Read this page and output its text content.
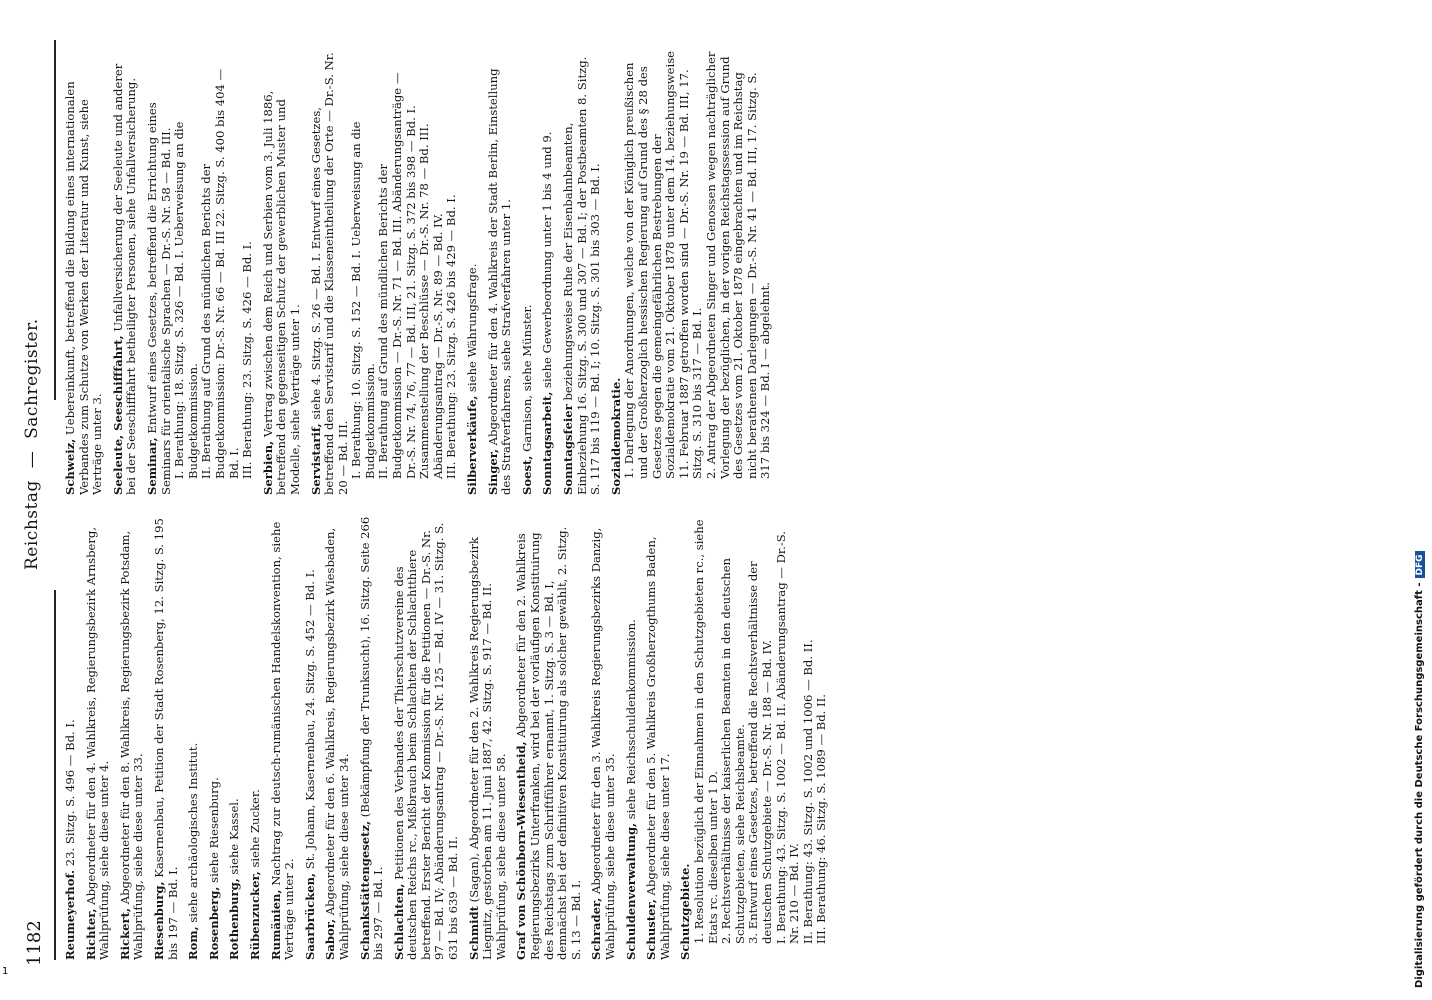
1182
Reichstag — Sachregister.
Reumeyerhof. 23. Sitzg. S. 496 — Bd. I.
Richter, Abgeordneter für den 4. Wahlkreis, Regierungsbezirk Arnsberg, Wahlprüfung, siehe diese unter 4. Rickert, Abgeordneter für den 8. Wahlkreis, Regierungsbezirk Potsdam, Wahlprüfung, siehe diese unter 33. Riesenburg, Kasernenbau, Petition der Stadt Rosenberg, 12. Sitzg. S. 195 bis 197 — Bd. I. Rom, siehe archäologisches Institut.
Rosenberg, siehe Riesenburg.
Rothenburg, siehe Kassel.
Rübenzucker, siehe Zucker.
Rumänien, Nachtrag zur deutsch-rumänischen Handelskonvention, siehe Verträge unter 2. Saarbrücken, St. Johann, Kasernenbau, 24. Sitzg. S. 452 — Bd. I.
Sabor, Abgeordneter für den 6. Wahlkreis, Regierungsbezirk Wiesbaden, Wahlprüfung, siehe diese unter 34. Schankstättengesetz, (Bekämpfung der Trunksucht), 16. Sitzg. Seite 266 bis 297 — Bd. I. Schlachten, Petitionen des Verbandes der Thierschutzvereine des deutschen Reichs rc., Mißbrauch beim Schlachten der Schlachtthiere betreffend. Erster Bericht der Kommission für die Petitionen — Dr.-S. Nr. 97 — Bd. IV; Abänderungsantrag — Dr.-S. Nr. 125 — Bd. IV — 31. Sitzg. S. 631 bis 639 — Bd. II. Schmidt (Sagan), Abgeordneter für den 2. Wahlkreis Regierungsbezirk Liegnitz, gestorben am 11. Juni 1887, 42. Sitzg. S. 917 — Bd. II. Wahlprüfung, siehe diese unter 58. Graf von Schönborn-Wiesentheid, Abgeordneter für den 2. Wahlkreis Regierungsbezirks Unterfranken, wird bei der vorläufigen Konstituirung des Reichstags zum Schriftführer ernannt, 1. Sitzg. S. 3 — Bd. I, demnächst bei der definitiven Konstituirung als solcher gewählt, 2. Sitzg. S. 13 — Bd. I. Schrader, Abgeordneter für den 3. Wahlkreis Regierungsbezirks Danzig, Wahlprüfung, siehe diese unter 35. Schuldenverwaltung, siehe Reichsschuldenkommission.
Schuster, Abgeordneter für den 5. Wahlkreis Großherzogthums Baden, Wahlprüfung, siehe diese unter 17. Schutzgebiete. 1. Resolution bezüglich der Einnahmen in den Schutzgebieten rc., siehe Etats rc. dieselben unter 1 D. 2. Rechtsverhältnisse der kaiserlichen Beamten in den deutschen Schutzgebieten, siehe Reichsbeamte. 3. Entwurf eines Gesetzes, betreffend die Rechtsverhältnisse der deutschen Schutzgebiete — Dr.-S. Nr. 188 — Bd. IV. I. Berathung: 43. Sitzg. S. 1002 — Bd. II. Abänderungsantrag — Dr.-S. Nr. 210 — Bd. IV. II. Berathung: 43. Sitzg. S. 1002 und 1006 — Bd. II. III. Berathung: 46. Sitzg. S. 1089 — Bd. II.
Schweiz, Uebereinkunft, betreffend die Bildung eines internationalen Verbandes zum Schutze von Werken der Literatur und Kunst, siehe Verträge unter 3. Seeleute, Seeschifffahrt, Unfallversicherung der Seeleute und anderer bei der Seeschifffahrt betheiligter Personen, siehe Unfallversicherung. Seminar, Entwurf eines Gesetzes, betreffend die Errichtung eines Seminars für orientalische Sprachen — Dr.-S. Nr. 58 — Bd. III. I. Berathung: 18. Sitzg. S. 326 — Bd. I. Ueberweisung an die Budgetkommission. II. Berathung auf Grund des mündlichen Berichts der Budgetkommission: Dr.-S. Nr. 66 — Bd. III 22. Sitzg. S. 400 bis 404 — Bd. I. III. Berathung: 23. Sitzg. S. 426 — Bd. I. Serbien, Vertrag zwischen dem Reich und Serbien vom 3. Juli 1886, betreffend den gegenseitigen Schutz der gewerblichen Muster und Modelle, siehe Verträge unter 1. Servistarif, siehe 4. Sitzg. S. 26 — Bd. I. Entwurf eines Gesetzes, betreffend den Servistarif und die Klasseneintheilung der Orte — Dr.-S. Nr. 20 — Bd. III. I. Berathung: 10. Sitzg. S. 152 — Bd. I. Ueberweisung an die Budgetkommission. II. Berathung auf Grund des mündlichen Berichts der Budgetkommission — Dr.-S. Nr. 71 — Bd. III. Abänderungsanträge — Dr.-S. Nr. 74, 76, 77 — Bd. III, 21. Sitzg. S. 372 bis 398 — Bd. I. Zusammenstellung der Beschlüsse — Dr.-S. Nr. 78 — Bd. III. Abänderungsantrag — Dr.-S. Nr. 89 — Bd. IV. III. Berathung: 23. Sitzg. S. 426 bis 429 — Bd. I. Silberverkäufe, siehe Währungsfrage.
Singer, Abgeordneter für den 4. Wahlkreis der Stadt Berlin, Einstellung des Strafverfahrens, siehe Strafverfahren unter 1. Soest, Garnison, siehe Münster. Sonntagsarbeit, siehe Gewerbeordnung unter 1 bis 4 und 9.
Sonntagsfeier beziehungsweise Ruhe der Eisenbahnbeamten, Einbeziehung 16. Sitzg. S. 300 und 307 — Bd. I; der Postbeamten 8. Sitzg. S. 117 bis 119 — Bd. I; 10. Sitzg. S. 301 bis 303 — Bd. I. Sozialdemokratie. 1. Darlegung der Anordnungen, welche von der Königlich preußischen und der Großherzoglich hessischen Regierung auf Grund des § 28 des Gesetzes gegen die gemeingefährlichen Bestrebungen der Sozialdemokratie vom 21. Oktober 1878 unter dem 14. beziehungsweise 11. Februar 1887 getroffen worden sind — Dr.-S. Nr. 19 — Bd. III, 17. Sitzg. S. 310 bis 317 — Bd. I. 2. Antrag der Abgeordneten Singer und Genossen wegen nachträglicher Vorlegung der bezüglichen, in der vorigen Reichstagssession auf Grund des Gesetzes vom 21. Oktober 1878 eingebrachten und im Reichstag nicht berathenen Darlegungen — Dr.-S. Nr. 41 — Bd. III, 17. Sitzg. S. 317 bis 324 — Bd. I — abgelehnt.
Digitalisierung gefördert durch die Deutsche Forschungsgemeinschaft -DFG
1
